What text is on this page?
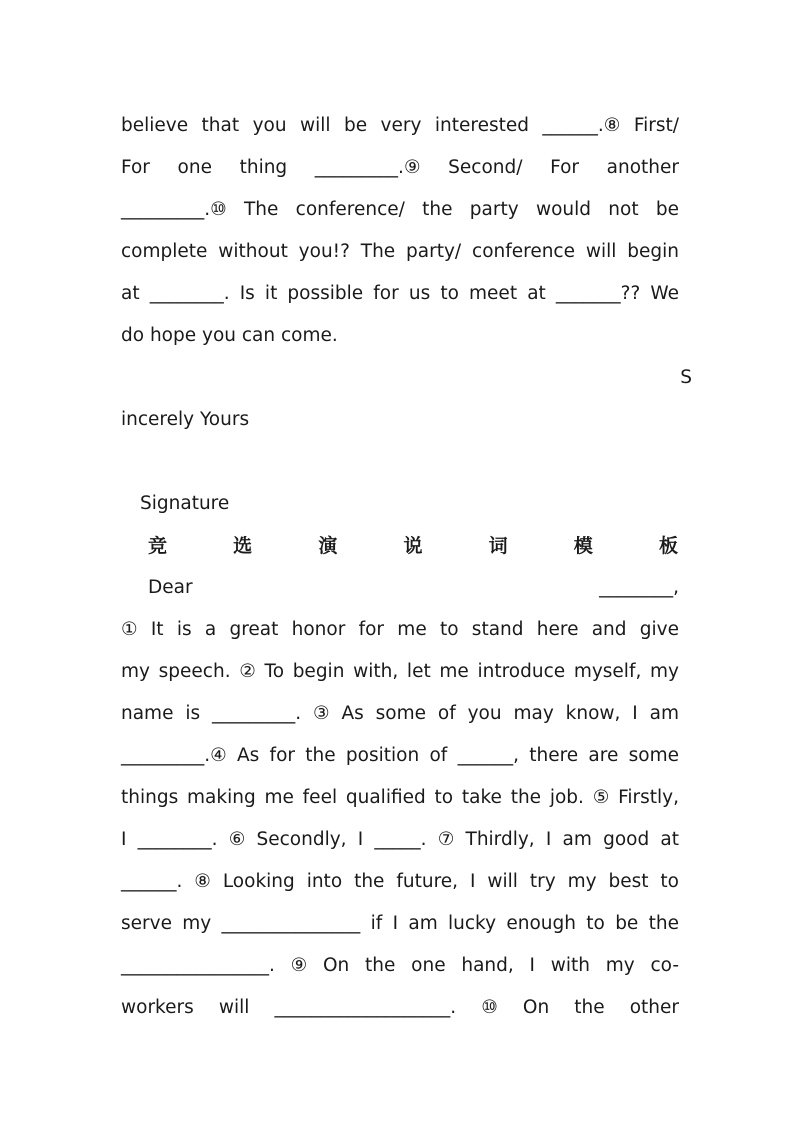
believe that you will be very interested ______.⑧ First/
For one thing _________.⑨ Second/ For another
_________.⑩ The conference/ the party would not be
complete without you!? The party/ conference will begin
at ________. Is it possible for us to meet at _______?? We
do hope you can come.
S
incerely Yours
Signature
竞	选	演	说	词	模	板
Dear	________,
① It is a great honor for me to stand here and give
my speech. ② To begin with, let me introduce myself, my
name is _________. ③ As some of you may know, I am
_________.④ As for the position of ______, there are some
things making me feel qualified to take the job. ⑤ Firstly,
I ________. ⑥ Secondly, I _____. ⑦ Thirdly, I am good at
______. ⑧ Looking into the future, I will try my best to
serve my _______________ if I am lucky enough to be the
________________. ⑨ On the one hand, I with my co-
workers will ___________________. ⑩ On the other
